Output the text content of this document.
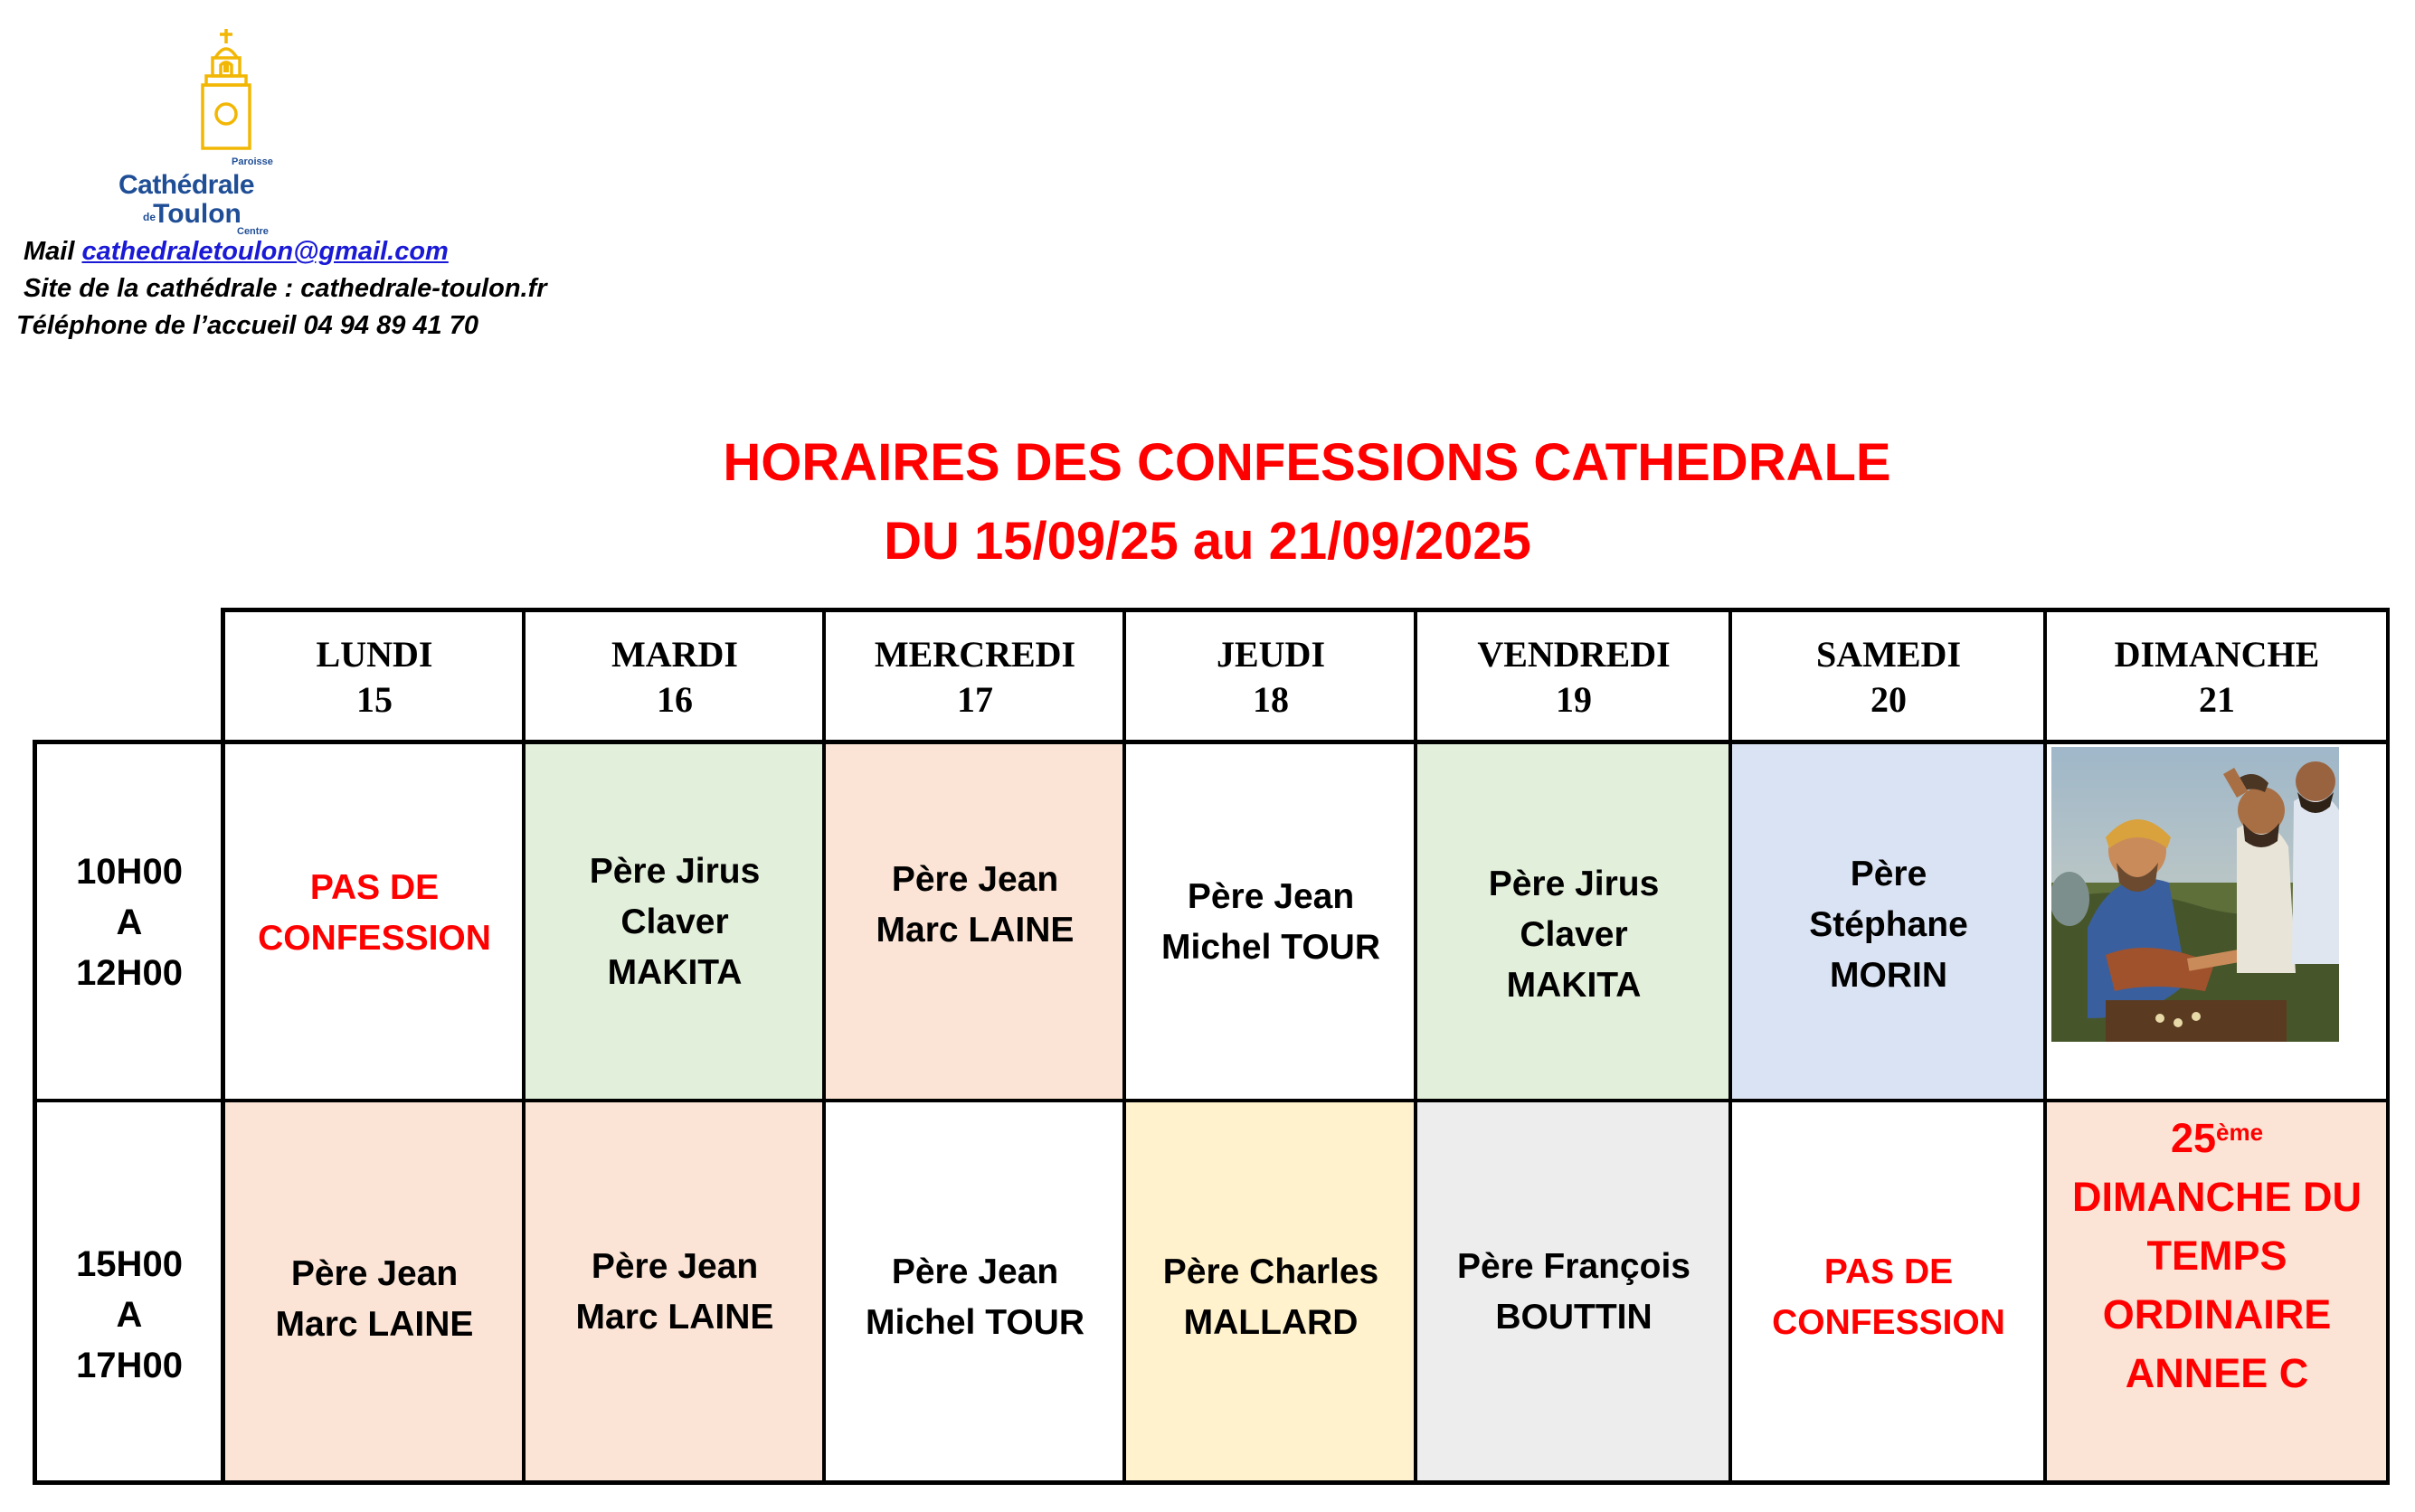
Paroisse
Cathédrale
de
Toulon
Centre
Mail cathedraletoulon@gmail.com
Site de la cathédrale : cathedrale-toulon.fr
Téléphone de l’accueil 04 94 89 41 70
HORAIRES DES CONFESSIONS CATHEDRALE
DU 15/09/25 au 21/09/2025
LUNDI
15
MARDI
16
MERCREDI
17
JEUDI
18
VENDREDI
19
SAMEDI
20
DIMANCHE
21
10H00
A
12H00
PAS DE
CONFESSION
Père Jirus
Claver
MAKITA
Père Jean
Marc LAINE
Père Jean
Michel TOUR
Père Jirus
Claver
MAKITA
Père
Stéphane
MORIN
15H00
A
17H00
Père Jean
Marc LAINE
Père Jean
Marc LAINE
Père Jean
Michel TOUR
Père Charles
MALLARD
Père François
BOUTTIN
PAS DE
CONFESSION
25ème
DIMANCHE DU
TEMPS
ORDINAIRE
ANNEE C
